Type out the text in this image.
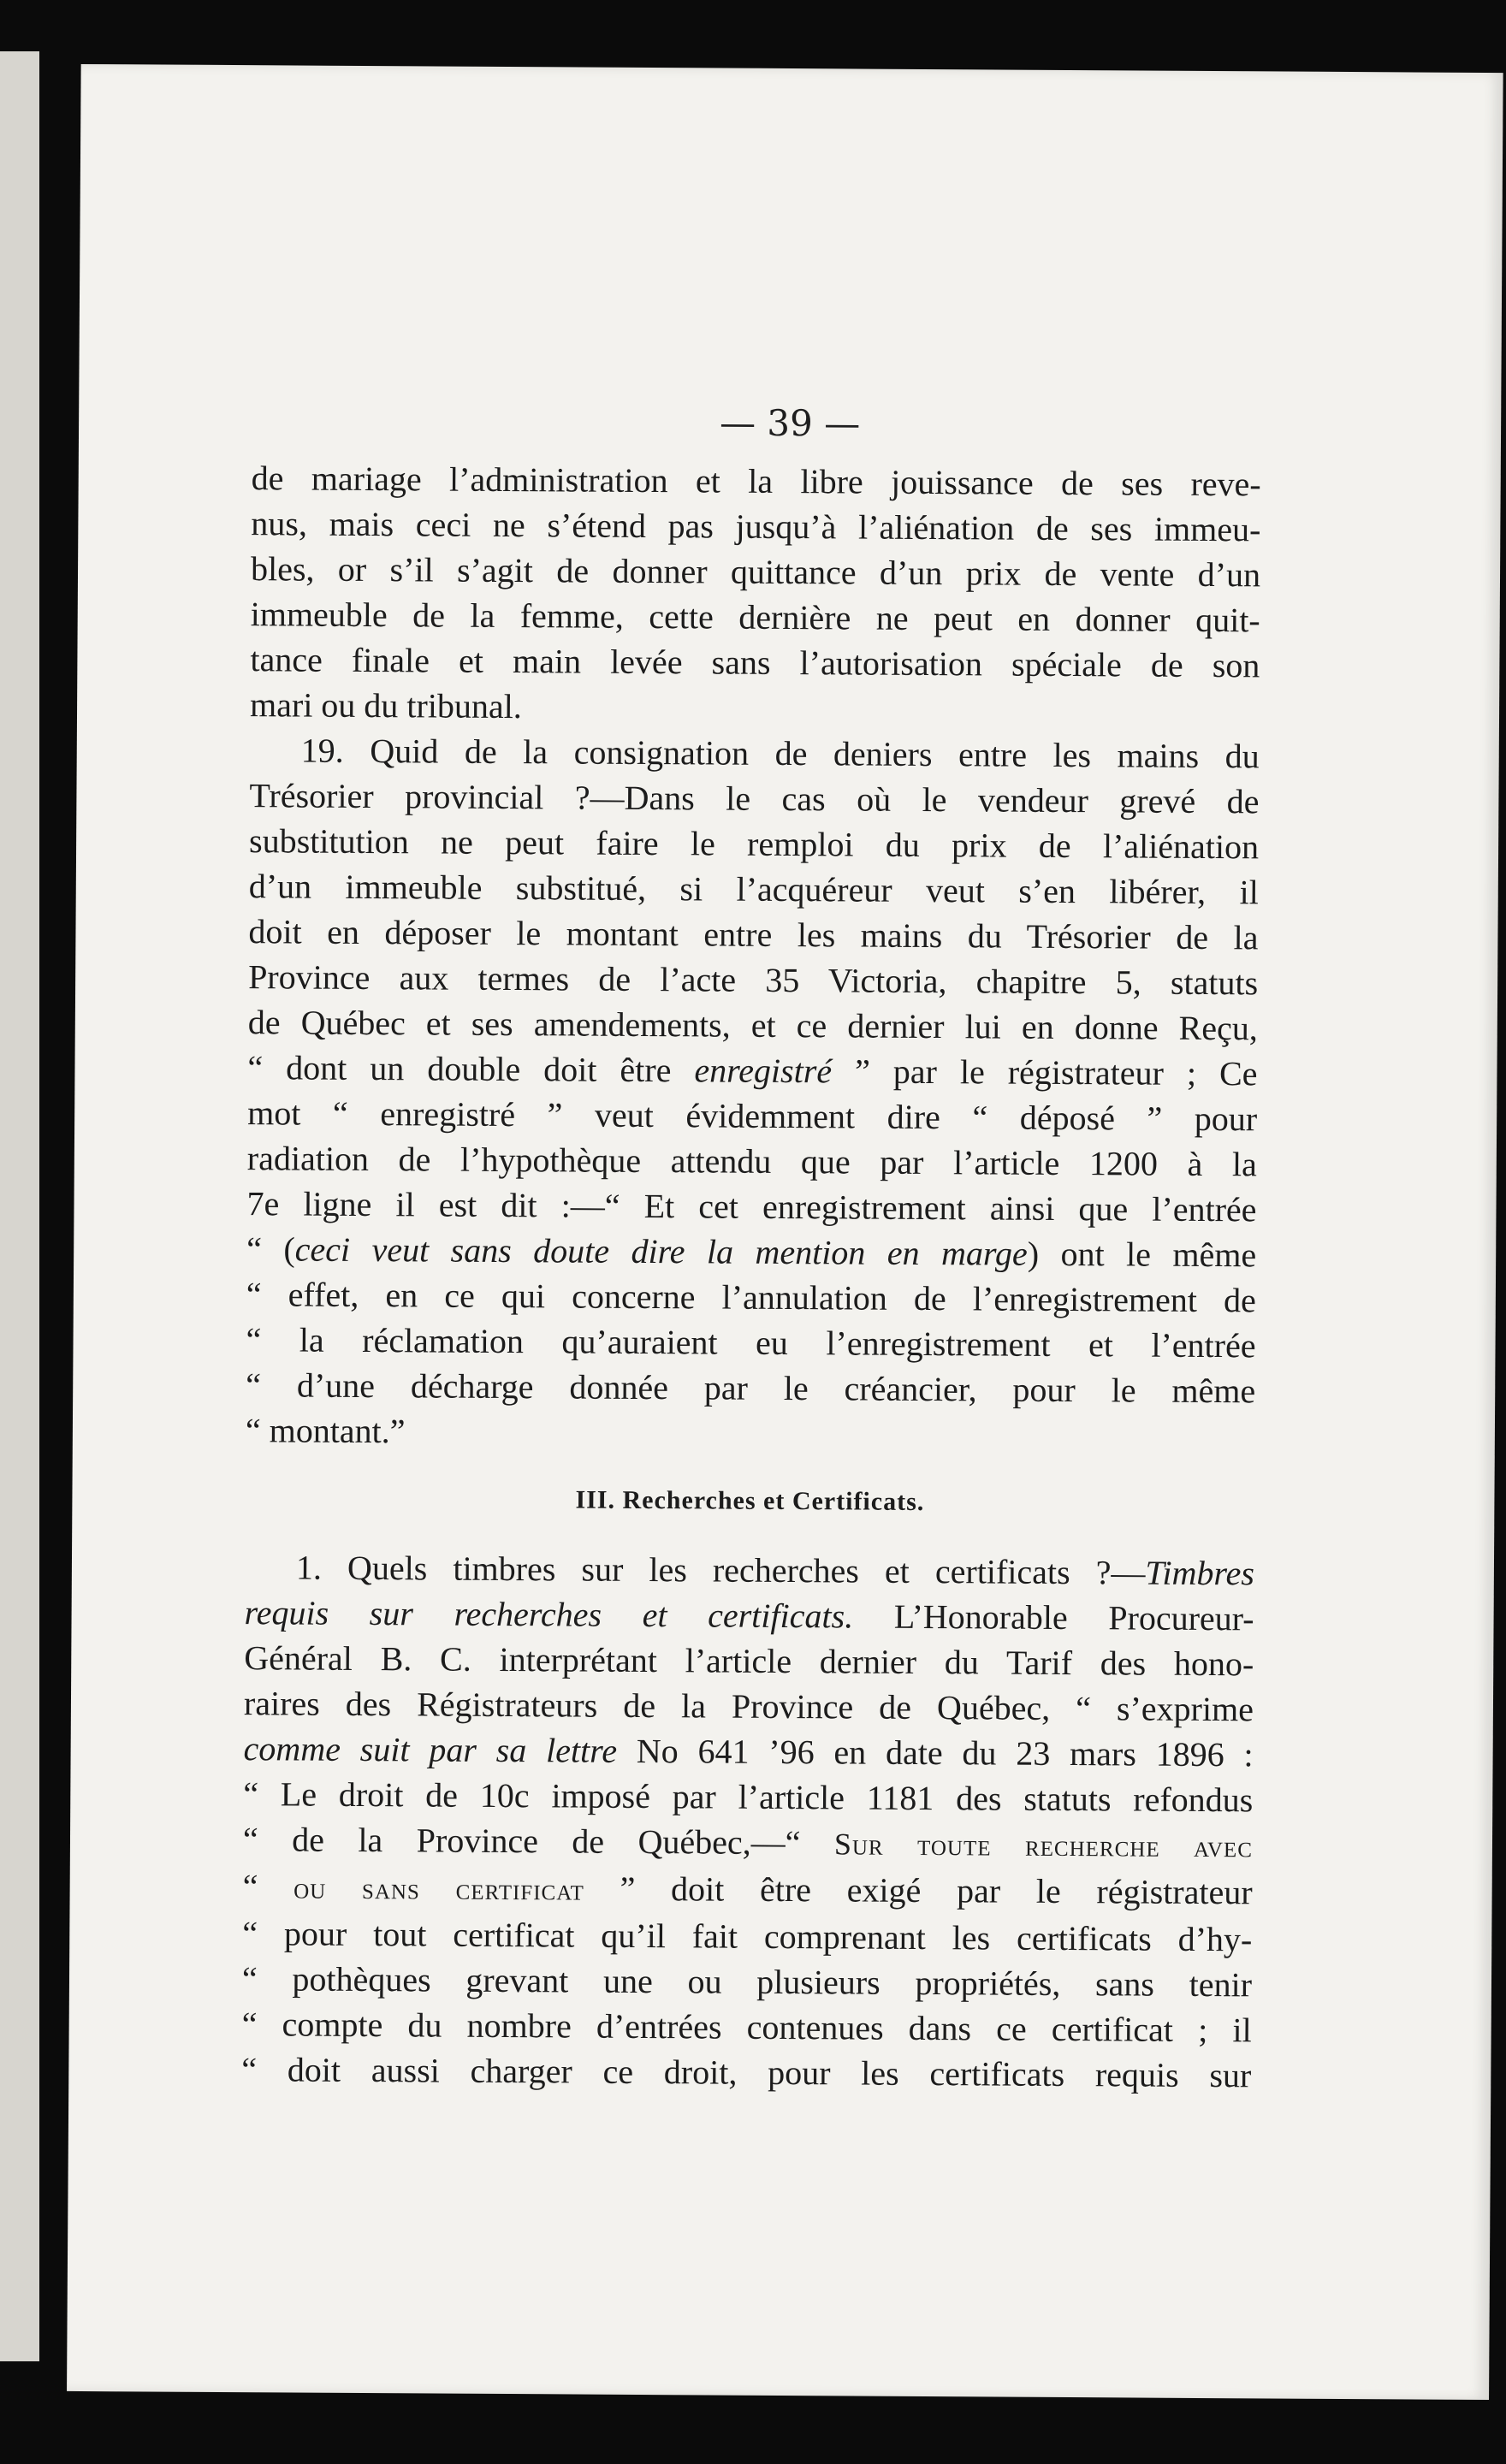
— 39 —
de mariage l’administration et la libre jouissance de ses reve-
nus, mais ceci ne s’étend pas jusqu’à l’aliénation de ses immeu-
bles, or s’il s’agit de donner quittance d’un prix de vente d’un
immeuble de la femme, cette dernière ne peut en donner quit-
tance finale et main levée sans l’autorisation spéciale de son
mari ou du tribunal.
19. Quid de la consignation de deniers entre les mains du
Trésorier provincial ?—Dans le cas où le vendeur grevé de
substitution ne peut faire le remploi du prix de l’aliénation
d’un immeuble substitué, si l’acquéreur veut s’en libérer, il
doit en déposer le montant entre les mains du Trésorier de la
Province aux termes de l’acte 35 Victoria, chapitre 5, statuts
de Québec et ses amendements, et ce dernier lui en donne Reçu,
“ dont un double doit être enregistré ” par le régistrateur ; Ce
mot “ enregistré ” veut évidemment dire “ déposé ” pour
radiation de l’hypothèque attendu que par l’article 1200 à la
7e ligne il est dit :—“ Et cet enregistrement ainsi que l’entrée
“ (ceci veut sans doute dire la mention en marge) ont le même
“ effet, en ce qui concerne l’annulation de l’enregistrement de
“ la réclamation qu’auraient eu l’enregistrement et l’entrée
“ d’une décharge donnée par le créancier, pour le même
“ montant.”
III. Recherches et Certificats.
1. Quels timbres sur les recherches et certificats ?—Timbres
requis sur recherches et certificats. L’Honorable Procureur-
Général B. C. interprétant l’article dernier du Tarif des hono-
raires des Régistrateurs de la Province de Québec, “ s’exprime
comme suit par sa lettre No 641 ’96 en date du 23 mars 1896 :
“ Le droit de 10c imposé par l’article 1181 des statuts refondus
“ de la Province de Québec,—“ Sur toute recherche avec
“ ou sans certificat ” doit être exigé par le régistrateur
“ pour tout certificat qu’il fait comprenant les certificats d’hy-
“ pothèques grevant une ou plusieurs propriétés, sans tenir
“ compte du nombre d’entrées contenues dans ce certificat ; il
“ doit aussi charger ce droit, pour les certificats requis sur
